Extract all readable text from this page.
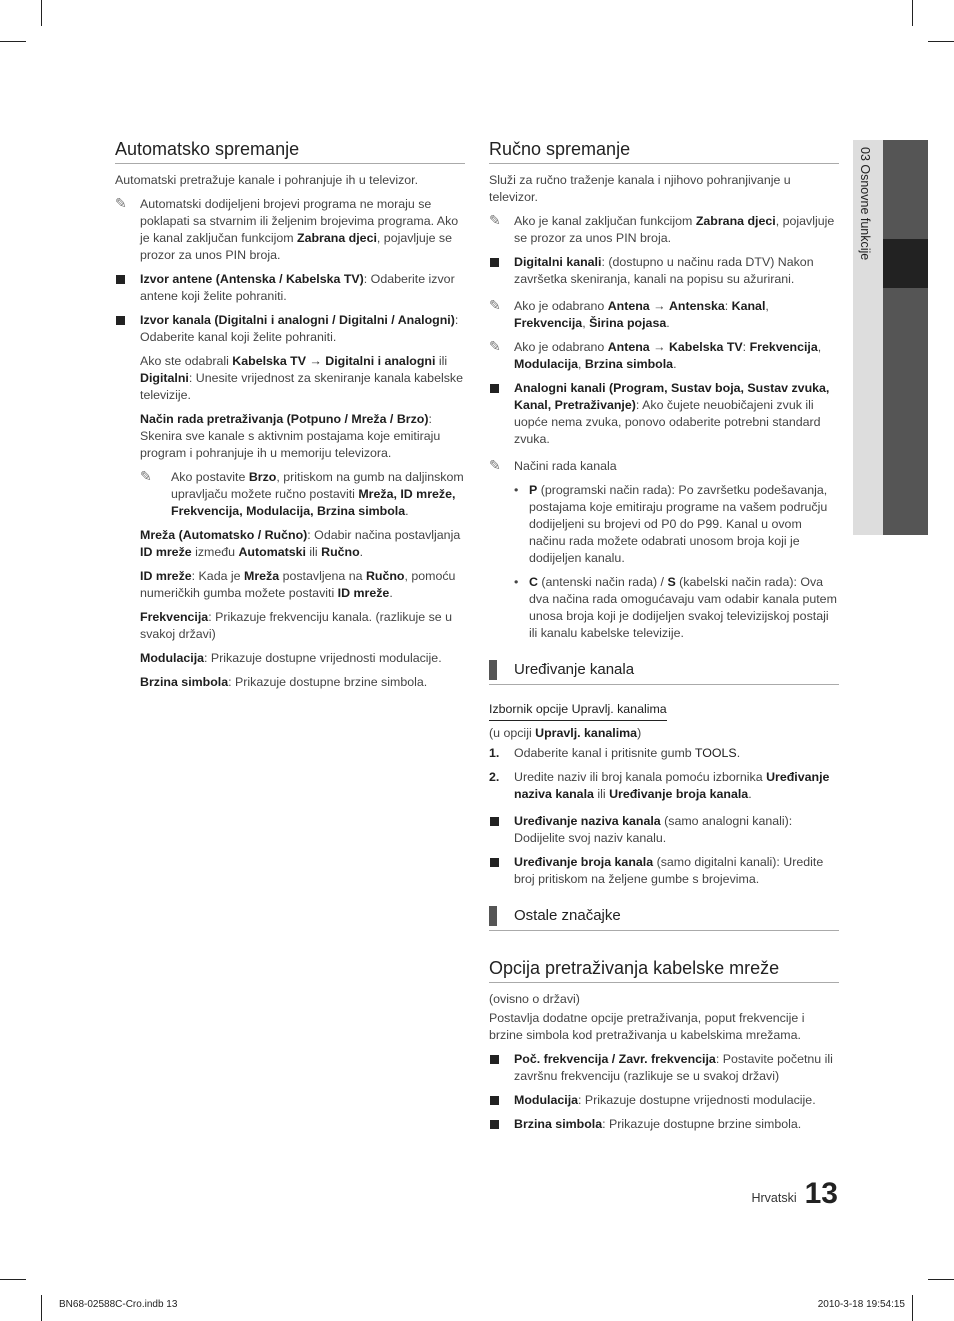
03 Osnovne funkcije
Automatsko spremanje

Automatski pretražuje kanale i pohranjuje ih u televizor.

✎ Automatski dodijeljeni brojevi programa ne moraju se poklapati sa stvarnim ili željenim brojevima programa. Ako je kanal zaključan funkcijom Zabrana djeci, pojavljuje se prozor za unos PIN broja.
Izvor antene (Antenska / Kabelska TV): Odaberite izvor antene koji želite pohraniti.
Izvor kanala (Digitalni i analogni / Digitalni / Analogni): Odaberite kanal koji želite pohraniti.

Ako ste odabrali Kabelska TV → Digitalni i analogni ili Digitalni: Unesite vrijednost za skeniranje kanala kabelske televizije.

Način rada pretraživanja (Potpuno / Mreža / Brzo): Skenira sve kanale s aktivnim postajama koje emitiraju program i pohranjuje ih u memoriju televizora.

✎ Ako postavite Brzo, pritiskom na gumb na daljinskom upravljaču možete ručno postaviti Mreža, ID mreže, Frekvencija, Modulacija, Brzina simbola.

Mreža (Automatsko / Ručno): Odabir načina postavljanja ID mreže između Automatski ili Ručno.

ID mreže: Kada je Mreža postavljena na Ručno, pomoću numeričkih gumba možete postaviti ID mreže.

Frekvencija: Prikazuje frekvenciju kanala. (razlikuje se u svakoj državi)

Modulacija: Prikazuje dostupne vrijednosti modulacije.

Brzina simbola: Prikazuje dostupne brzine simbola.

Ručno spremanje

Služi za ručno traženje kanala i njihovo pohranjivanje u televizor.

✎ Ako je kanal zaključan funkcijom Zabrana djeci, pojavljuje se prozor za unos PIN broja.
Digitalni kanali: (dostupno u načinu rada DTV) Nakon završetka skeniranja, kanali na popisu su ažurirani.
✎ Ako je odabrano Antena → Antenska: Kanal, Frekvencija, Širina pojasa.
✎ Ako je odabrano Antena → Kabelska TV: Frekvencija, Modulacija, Brzina simbola.
Analogni kanali (Program, Sustav boja, Sustav zvuka, Kanal, Pretraživanje): Ako čujete neuobičajeni zvuk ili uopće nema zvuka, ponovo odaberite potrebni standard zvuka.
✎ Načini rada kanala
• P (programski način rada): Po završetku podešavanja, postajama koje emitiraju programe na vašem području dodijeljeni su brojevi od P0 do P99. Kanal u ovom načinu rada možete odabrati unosom broja koji je dodijeljen kanalu.
• C (antenski način rada) / S (kabelski način rada): Ova dva načina rada omogućavaju vam odabir kanala putem unosa broja koji je dodijeljen svakoj televizijskoj postaji ili kanalu kabelske televizije.
Uređivanje kanala

Izbornik opcije Upravlj. kanalima

(u opciji Upravlj. kanalima)

1. Odaberite kanal i pritisnite gumb TOOLS.
2. Uredite naziv ili broj kanala pomoću izbornika Uređivanje naziva kanala ili Uređivanje broja kanala.
Uređivanje naziva kanala (samo analogni kanali): Dodijelite svoj naziv kanalu.
Uređivanje broja kanala (samo digitalni kanali): Uredite broj pritiskom na željene gumbe s brojevima.
Ostale značajke
Opcija pretraživanja kabelske mreže

(ovisno o državi)

Postavlja dodatne opcije pretraživanja, poput frekvencije i brzine simbola kod pretraživanja u kabelskima mrežama.

Poč. frekvencija / Zavr. frekvencija: Postavite početnu ili završnu frekvenciju (razlikuje se u svakoj državi)
Modulacija: Prikazuje dostupne vrijednosti modulacije.
Brzina simbola: Prikazuje dostupne brzine simbola.
Hrvatski 13
BN68-02588C-Cro.indb 13	2010-3-18 19:54:15
